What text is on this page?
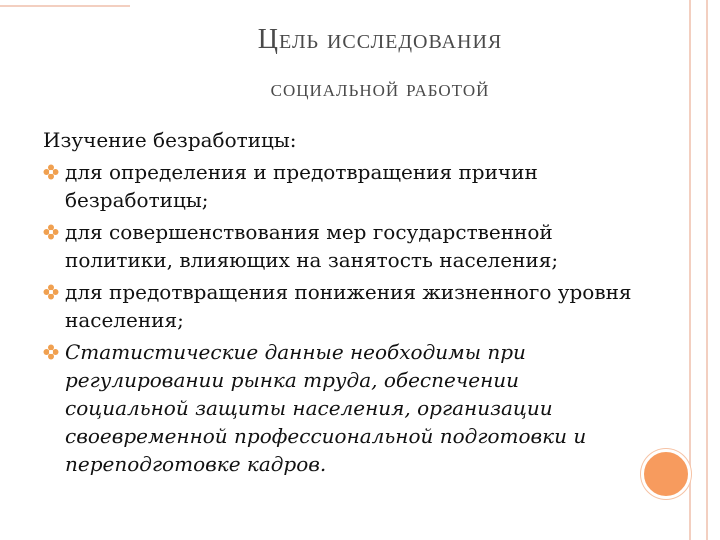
Цель исследования
социальной работой

Изучение безработицы:

для определения и предотвращения причин безработицы;
для совершенствования мер государственной политики, влияющих на занятость населения;
для предотвращения понижения жизненного уровня населения;
Статистические данные необходимы при регулировании рынка труда, обеспечении социальной защиты населения, организации своевременной профессиональной подготовки и переподготовке кадров.
